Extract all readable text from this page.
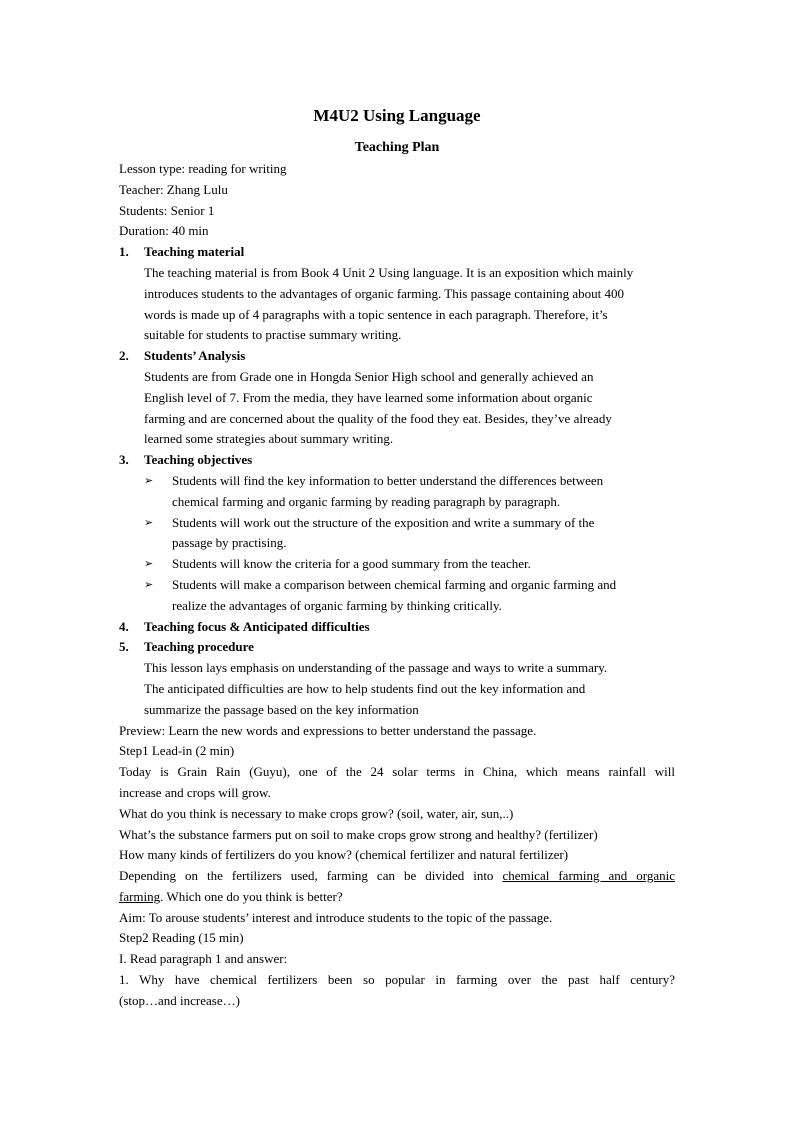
M4U2 Using Language
Teaching Plan
Lesson type: reading for writing
Teacher: Zhang Lulu
Students: Senior 1
Duration: 40 min
1. Teaching material
The teaching material is from Book 4 Unit 2 Using language. It is an exposition which mainly
introduces students to the advantages of organic farming. This passage containing about 400
words is made up of 4 paragraphs with a topic sentence in each paragraph. Therefore, it’s
suitable for students to practise summary writing.
2. Students’ Analysis
Students are from Grade one in Hongda Senior High school and generally achieved an
English level of 7. From the media, they have learned some information about organic
farming and are concerned about the quality of the food they eat. Besides, they’ve already
learned some strategies about summary writing.
3. Teaching objectives
➢ Students will find the key information to better understand the differences between
chemical farming and organic farming by reading paragraph by paragraph.
➢ Students will work out the structure of the exposition and write a summary of the
passage by practising.
➢ Students will know the criteria for a good summary from the teacher.
➢ Students will make a comparison between chemical farming and organic farming and
realize the advantages of organic farming by thinking critically.
4. Teaching focus & Anticipated difficulties
5. Teaching procedure
This lesson lays emphasis on understanding of the passage and ways to write a summary.
The anticipated difficulties are how to help students find out the key information and
summarize the passage based on the key information
Preview: Learn the new words and expressions to better understand the passage.
Step1 Lead-in (2 min)
Today is Grain Rain (Guyu), one of the 24 solar terms in China, which means rainfall will
increase and crops will grow.
What do you think is necessary to make crops grow? (soil, water, air, sun,..)
What’s the substance farmers put on soil to make crops grow strong and healthy? (fertilizer)
How many kinds of fertilizers do you know? (chemical fertilizer and natural fertilizer)
Depending on the fertilizers used, farming can be divided into chemical farming and organic
farming. Which one do you think is better?
Aim: To arouse students’ interest and introduce students to the topic of the passage.
Step2 Reading (15 min)
I. Read paragraph 1 and answer:
1. Why have chemical fertilizers been so popular in farming over the past half century?
(stop…and increase…)
